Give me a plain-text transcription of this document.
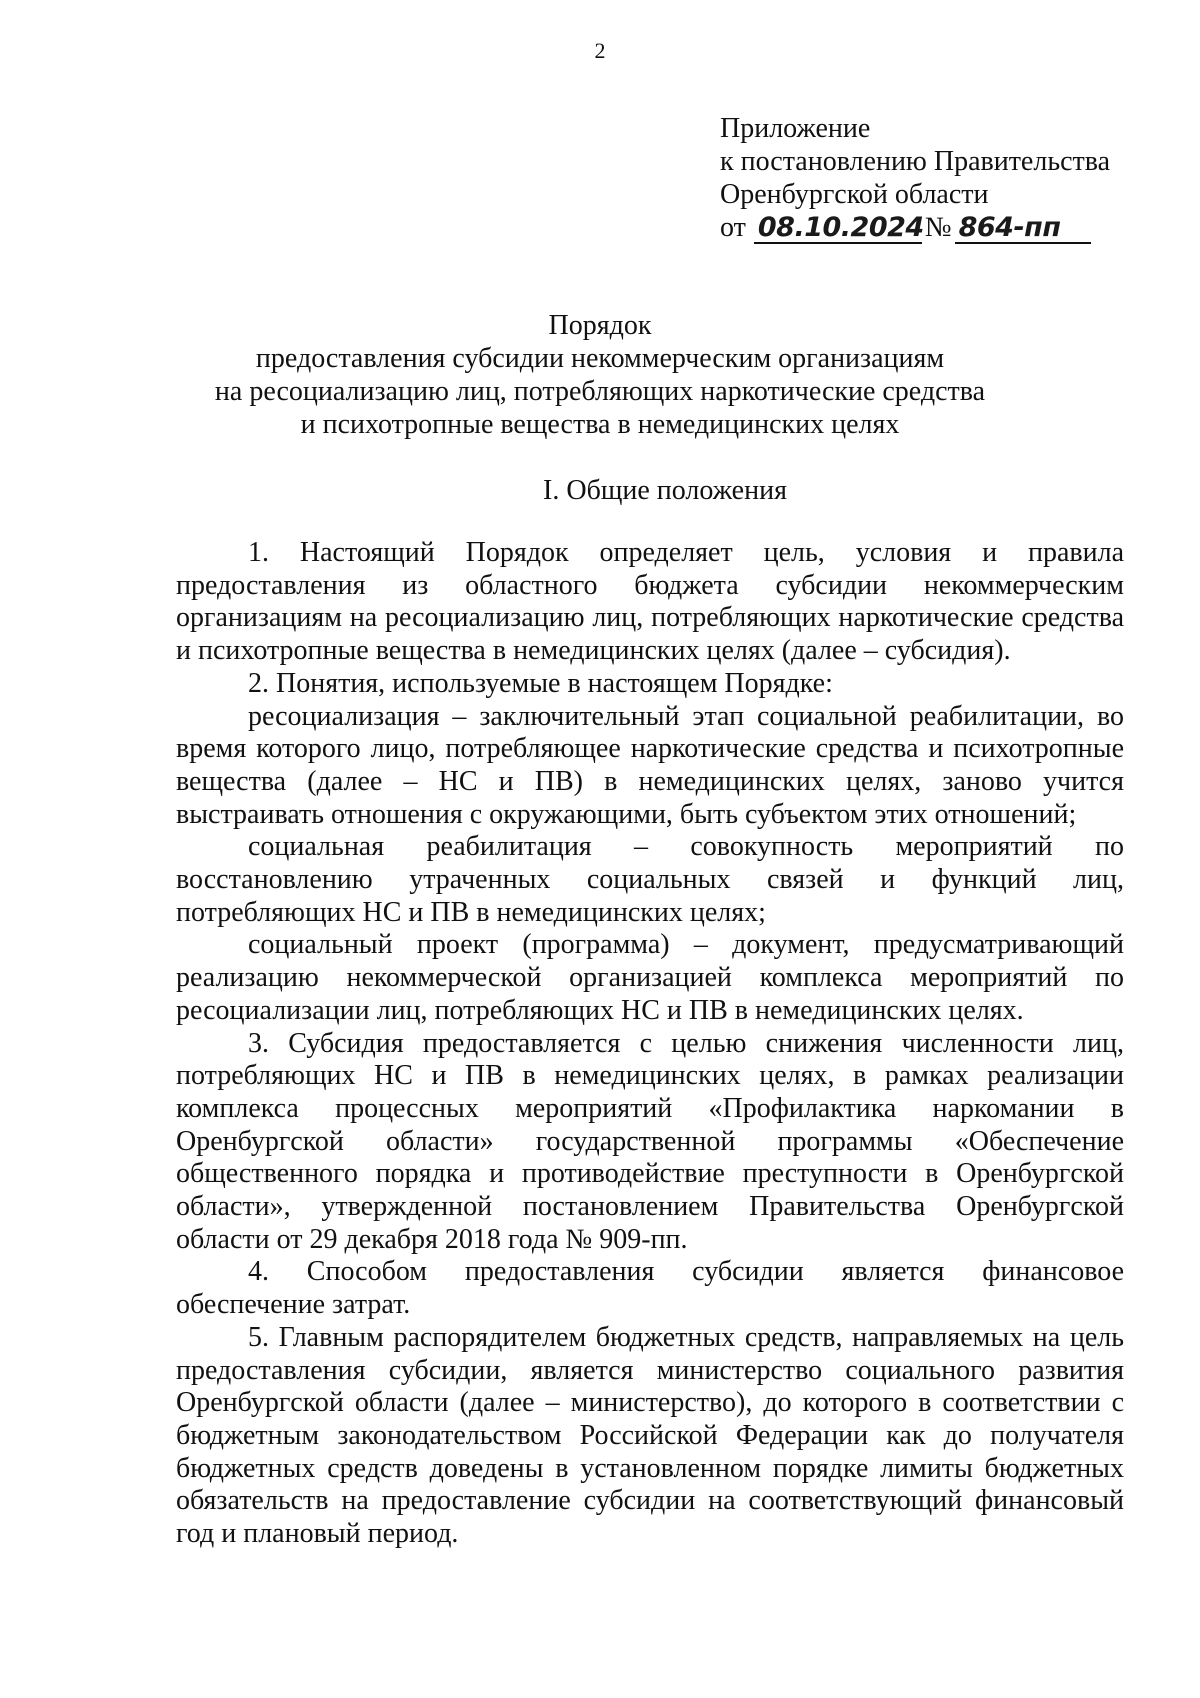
2
Приложение
к постановлению Правительства
Оренбургской области
от 08.10.2024 № 864-пп
Порядок
предоставления субсидии некоммерческим организациям
на ресоциализацию лиц, потребляющих наркотические средства
и психотропные вещества в немедицинских целях
I. Общие положения

1. Настоящий Порядок определяет цель, условия и правила предоставления из областного бюджета субсидии некоммерческим организациям на ресоциализацию лиц, потребляющих наркотические средства и психотропные вещества в немедицинских целях (далее – субсидия).

2. Понятия, используемые в настоящем Порядке:

ресоциализация – заключительный этап социальной реабилитации, во время которого лицо, потребляющее наркотические средства и психотропные вещества (далее – НС и ПВ) в немедицинских целях, заново учится выстраивать отношения с окружающими, быть субъектом этих отношений;

социальная реабилитация – совокупность мероприятий по восстановлению утраченных социальных связей и функций лиц, потребляющих НС и ПВ в немедицинских целях;

социальный проект (программа) – документ, предусматривающий реализацию некоммерческой организацией комплекса мероприятий по ресоциализации лиц, потребляющих НС и ПВ в немедицинских целях.

3. Субсидия предоставляется с целью снижения численности лиц, потребляющих НС и ПВ в немедицинских целях, в рамках реализации комплекса процессных мероприятий «Профилактика наркомании в Оренбургской области» государственной программы «Обеспечение общественного порядка и противодействие преступности в Оренбургской области», утвержденной постановлением Правительства Оренбургской области от 29 декабря 2018 года № 909-пп.

4. Способом предоставления субсидии является финансовое обеспечение затрат.

5. Главным распорядителем бюджетных средств, направляемых на цель предоставления субсидии, является министерство социального развития Оренбургской области (далее – министерство), до которого в соответствии с бюджетным законодательством Российской Федерации как до получателя бюджетных средств доведены в установленном порядке лимиты бюджетных обязательств на предоставление субсидии на соответствующий финансовый год и плановый период.
